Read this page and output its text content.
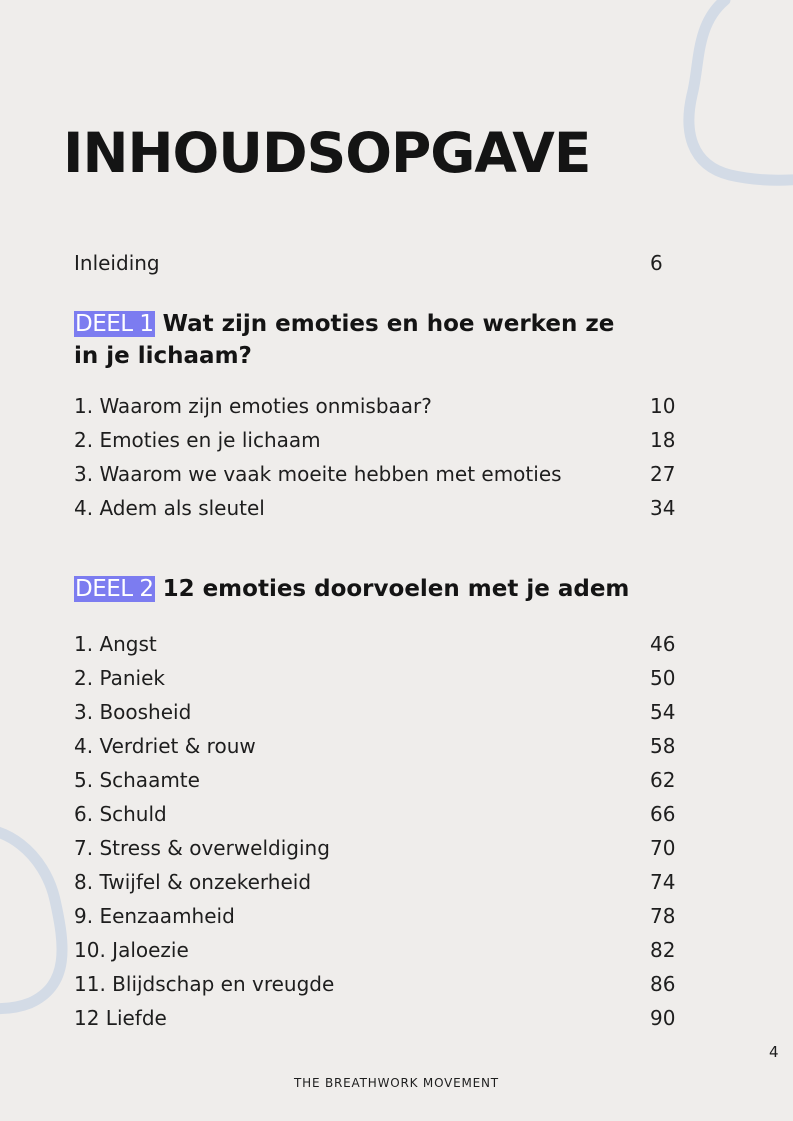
INHOUDSOPGAVE
Inleiding	6
DEEL 1 Wat zijn emoties en hoe werken ze in je lichaam?
1. Waarom zijn emoties onmisbaar?	10
2. Emoties en je lichaam	18
3. Waarom we vaak moeite hebben met emoties	27
4. Adem als sleutel	34
DEEL 2 12 emoties doorvoelen met je adem
1. Angst	46
2. Paniek	50
3. Boosheid	54
4. Verdriet & rouw	58
5. Schaamte	62
6. Schuld	66
7. Stress & overweldiging	70
8. Twijfel & onzekerheid	74
9. Eenzaamheid	78
10. Jaloezie	82
11. Blijdschap en vreugde	86
12 Liefde	90
4
THE BREATHWORK MOVEMENT
